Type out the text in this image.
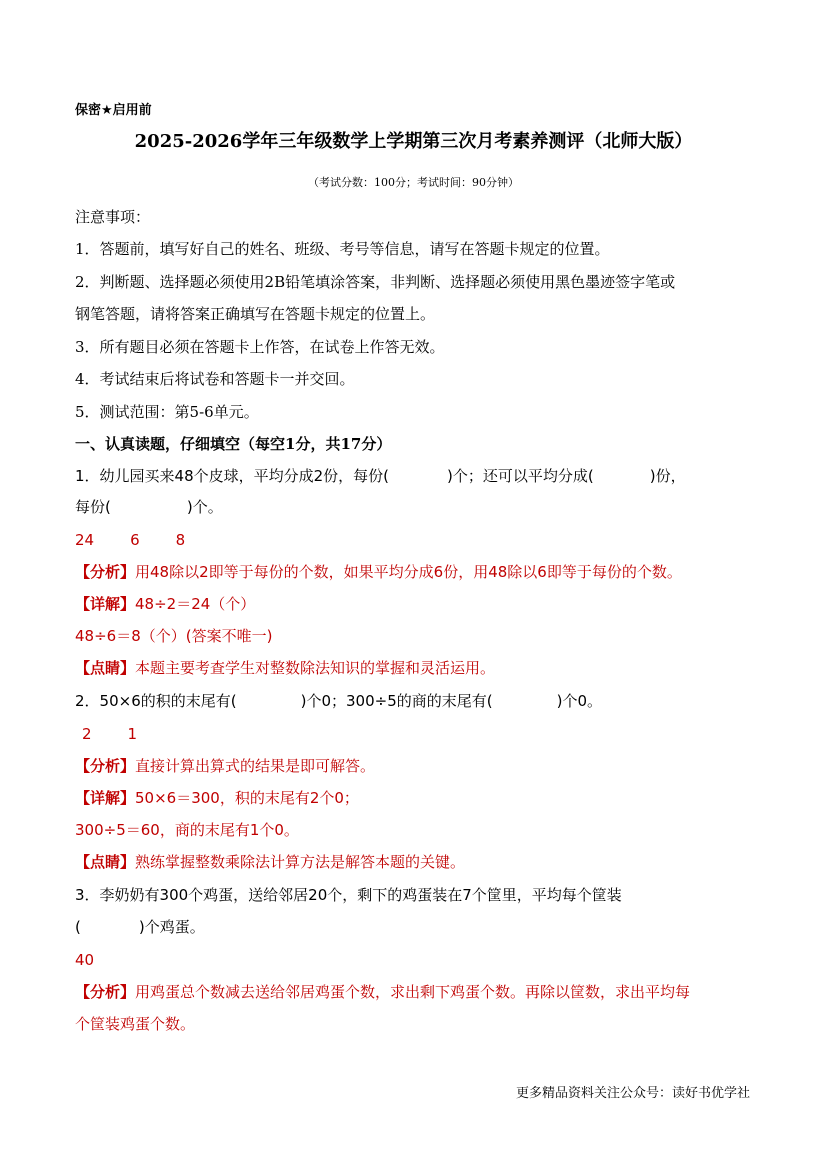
保密★启用前
2025-2026学年三年级数学上学期第三次月考素养测评（北师大版）
（考试分数：100分；考试时间：90分钟）
注意事项：
1．答题前，填写好自己的姓名、班级、考号等信息，请写在答题卡规定的位置。
2．判断题、选择题必须使用2B铅笔填涂答案，非判断、选择题必须使用黑色墨迹签字笔或
钢笔答题，请将答案正确填写在答题卡规定的位置上。
3．所有题目必须在答题卡上作答，在试卷上作答无效。
4．考试结束后将试卷和答题卡一并交回。
5．测试范围：第5-6单元。
一、认真读题，仔细填空（每空1分，共17分）
1．幼儿园买来48个皮球，平均分成2份，每份(	)个；还可以平均分成(	)份，
每份(	)个。
24 6 8
【分析】用48除以2即等于每份的个数，如果平均分成6份，用48除以6即等于每份的个数。
【详解】48÷2＝24（个）
48÷6＝8（个）(答案不唯一)
【点睛】本题主要考查学生对整数除法知识的掌握和灵活运用。
2．50×6的积的末尾有(	)个0；300÷5的商的末尾有(	)个0。
2 1
【分析】直接计算出算式的结果是即可解答。
【详解】50×6＝300，积的末尾有2个0；
300÷5＝60，商的末尾有1个0。
【点睛】熟练掌握整数乘除法计算方法是解答本题的关键。
3．李奶奶有300个鸡蛋，送给邻居20个，剩下的鸡蛋装在7个筐里，平均每个筐装
(	)个鸡蛋。
40
【分析】用鸡蛋总个数减去送给邻居鸡蛋个数，求出剩下鸡蛋个数。再除以筐数，求出平均每
个筐装鸡蛋个数。
更多精品资料关注公众号：读好书优学社
